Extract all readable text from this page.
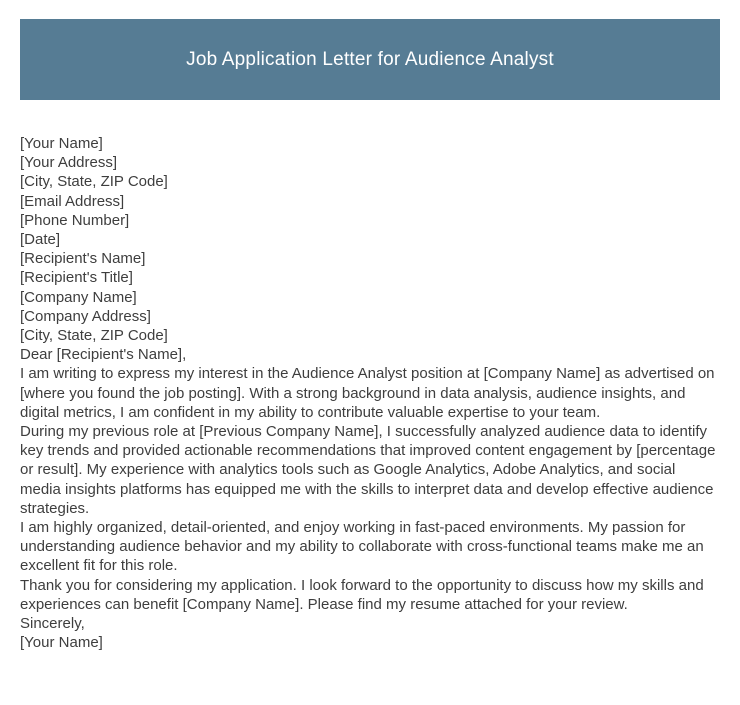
Job Application Letter for Audience Analyst
[Your Name]
[Your Address]
[City, State, ZIP Code]
[Email Address]
[Phone Number]
[Date]
[Recipient's Name]
[Recipient's Title]
[Company Name]
[Company Address]
[City, State, ZIP Code]
Dear [Recipient's Name],

I am writing to express my interest in the Audience Analyst position at [Company Name] as advertised on [where you found the job posting]. With a strong background in data analysis, audience insights, and digital metrics, I am confident in my ability to contribute valuable expertise to your team.

During my previous role at [Previous Company Name], I successfully analyzed audience data to identify key trends and provided actionable recommendations that improved content engagement by [percentage or result]. My experience with analytics tools such as Google Analytics, Adobe Analytics, and social media insights platforms has equipped me with the skills to interpret data and develop effective audience strategies.

I am highly organized, detail-oriented, and enjoy working in fast-paced environments. My passion for understanding audience behavior and my ability to collaborate with cross-functional teams make me an excellent fit for this role.

Thank you for considering my application. I look forward to the opportunity to discuss how my skills and experiences can benefit [Company Name]. Please find my resume attached for your review.

Sincerely,
[Your Name]
